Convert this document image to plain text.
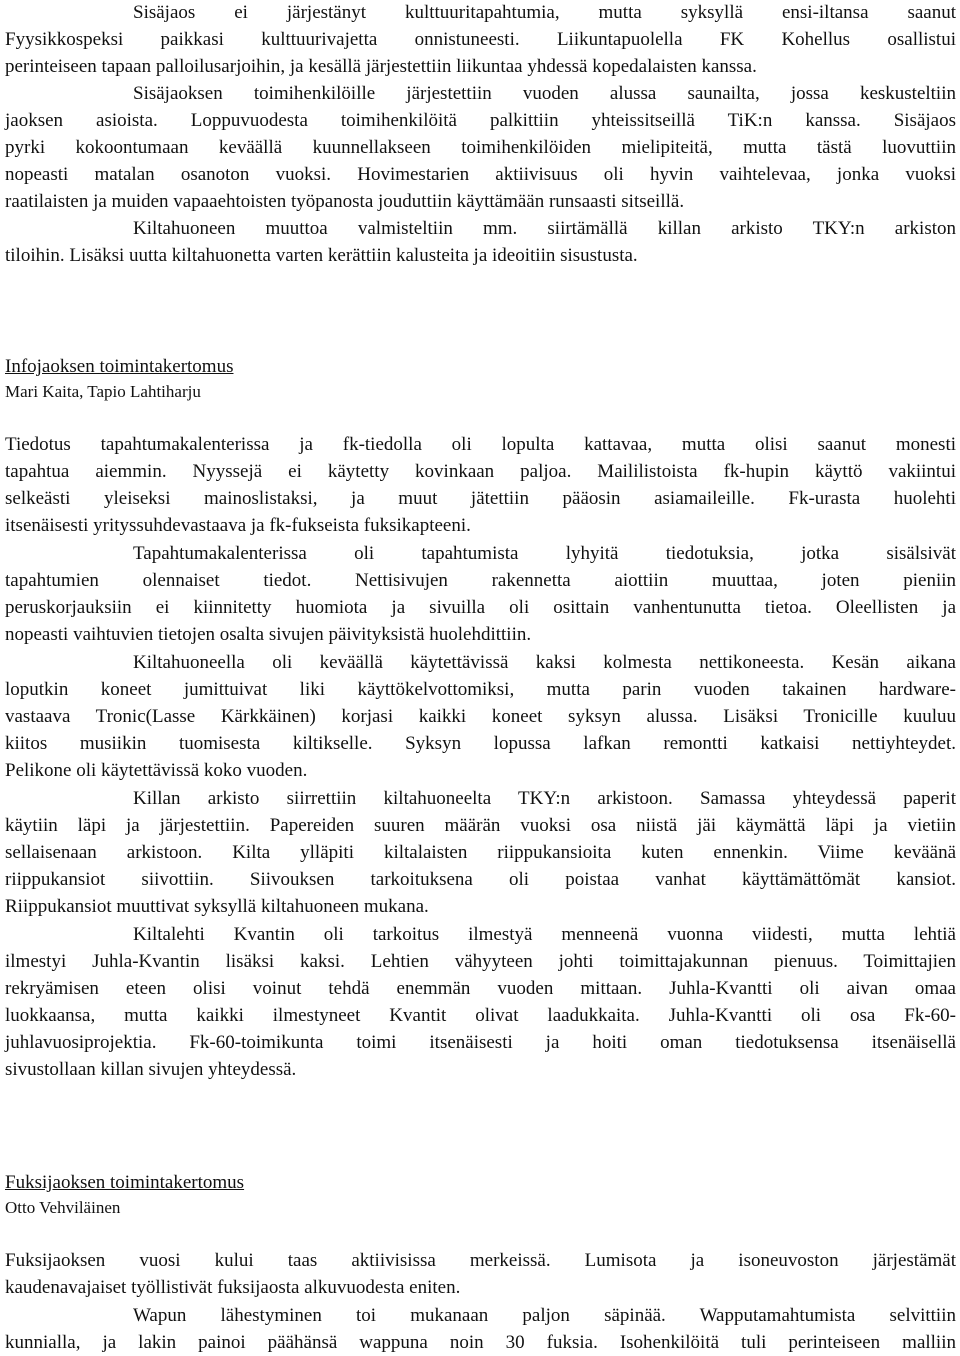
Sisäjaos ei järjestänyt kulttuuritapahtumia, mutta syksyllä ensi-iltansa saanut

Fyysikkospeksi paikkasi kulttuurivajetta onnistuneesti. Liikuntapuolella FK Kohellus osallistui

perinteiseen tapaan palloilusarjoihin, ja kesällä järjestettiin liikuntaa yhdessä kopedalaisten kanssa.

Sisäjaoksen toimihenkilöille järjestettiin vuoden alussa saunailta, jossa keskusteltiin

jaoksen asioista. Loppuvuodesta toimihenkilöitä palkittiin yhteissitseillä TiK:n kanssa. Sisäjaos

pyrki kokoontumaan keväällä kuunnellakseen toimihenkilöiden mielipiteitä, mutta tästä luovuttiin

nopeasti matalan osanoton vuoksi. Hovimestarien aktiivisuus oli hyvin vaihtelevaa, jonka vuoksi

raatilaisten ja muiden vapaaehtoisten työpanosta jouduttiin käyttämään runsaasti sitseillä.

Kiltahuoneen muuttoa valmisteltiin mm. siirtämällä killan arkisto TKY:n arkiston

tiloihin. Lisäksi uutta kiltahuonetta varten kerättiin kalusteita ja ideoitiin sisustusta.

Infojaoksen toimintakertomus

Mari Kaita, Tapio Lahtiharju

Tiedotus tapahtumakalenterissa ja fk-tiedolla oli lopulta kattavaa, mutta olisi saanut monesti

tapahtua aiemmin. Nyyssejä ei käytetty kovinkaan paljoa. Maililistoista fk-hupin käyttö vakiintui

selkeästi yleiseksi mainoslistaksi, ja muut jätettiin pääosin asiamaileille. Fk-urasta huolehti

itsenäisesti yrityssuhdevastaava ja fk-fukseista fuksikapteeni.

Tapahtumakalenterissa oli tapahtumista lyhyitä tiedotuksia, jotka sisälsivät

tapahtumien olennaiset tiedot. Nettisivujen rakennetta aiottiin muuttaa, joten pieniin

peruskorjauksiin ei kiinnitetty huomiota ja sivuilla oli osittain vanhentunutta tietoa. Oleellisten ja

nopeasti vaihtuvien tietojen osalta sivujen päivityksistä huolehdittiin.

Kiltahuoneella oli keväällä käytettävissä kaksi kolmesta nettikoneesta. Kesän aikana

loputkin koneet jumittuivat liki käyttökelvottomiksi, mutta parin vuoden takainen hardware-

vastaava Tronic(Lasse Kärkkäinen) korjasi kaikki koneet syksyn alussa. Lisäksi Tronicille kuuluu

kiitos musiikin tuomisesta kiltikselle. Syksyn lopussa lafkan remontti katkaisi nettiyhteydet.

Pelikone oli käytettävissä koko vuoden.

Killan arkisto siirrettiin kiltahuoneelta TKY:n arkistoon. Samassa yhteydessä paperit

käytiin läpi ja järjestettiin. Papereiden suuren määrän vuoksi osa niistä jäi käymättä läpi ja vietiin

sellaisenaan arkistoon. Kilta ylläpiti kiltalaisten riippukansioita kuten ennenkin. Viime keväänä

riippukansiot siivottiin. Siivouksen tarkoituksena oli poistaa vanhat käyttämättömät kansiot.

Riippukansiot muuttivat syksyllä kiltahuoneen mukana.

Kiltalehti Kvantin oli tarkoitus ilmestyä menneenä vuonna viidesti, mutta lehtiä

ilmestyi Juhla-Kvantin lisäksi kaksi. Lehtien vähyyteen johti toimittajakunnan pienuus. Toimittajien

rekryämisen eteen olisi voinut tehdä enemmän vuoden mittaan. Juhla-Kvantti oli aivan omaa

luokkaansa, mutta kaikki ilmestyneet Kvantit olivat laadukkaita. Juhla-Kvantti oli osa Fk-60-

juhlavuosiprojektia. Fk-60-toimikunta toimi itsenäisesti ja hoiti oman tiedotuksensa itsenäisellä

sivustollaan killan sivujen yhteydessä.

Fuksijaoksen toimintakertomus

Otto Vehviläinen

Fuksijaoksen vuosi kului taas aktiivisissa merkeissä. Lumisota ja isoneuvoston järjestämät

kaudenavajaiset työllistivät fuksijaosta alkuvuodesta eniten.

Wapun lähestyminen toi mukanaan paljon säpinää. Wapputamahtumista selvittiin

kunnialla, ja lakin painoi päähänsä wappuna noin 30 fuksia. Isohenkilöitä tuli perinteiseen malliin
